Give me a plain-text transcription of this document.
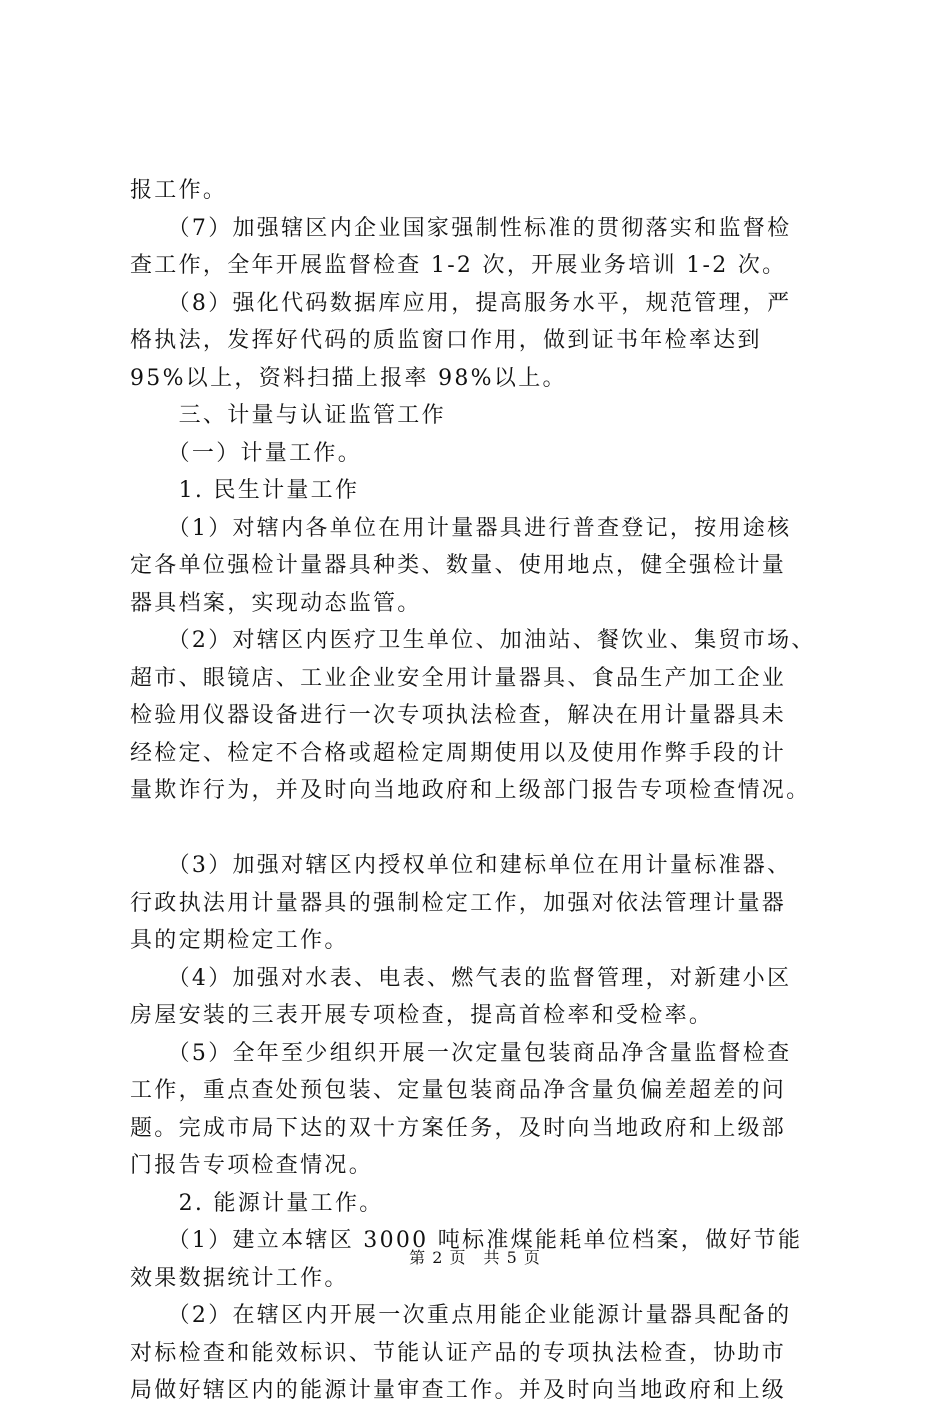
报工作。
　　（7）加强辖区内企业国家强制性标准的贯彻落实和监督检
查工作，全年开展监督检查 1-2 次，开展业务培训 1-2 次。
　　（8）强化代码数据库应用，提高服务水平，规范管理，严
格执法，发挥好代码的质监窗口作用，做到证书年检率达到
95%以上，资料扫描上报率 98%以上。
　　三、计量与认证监管工作
　　（一）计量工作。
　　1. 民生计量工作
　　（1）对辖内各单位在用计量器具进行普查登记，按用途核
定各单位强检计量器具种类、数量、使用地点，健全强检计量
器具档案，实现动态监管。
　　（2）对辖区内医疗卫生单位、加油站、餐饮业、集贸市场、
超市、眼镜店、工业企业安全用计量器具、食品生产加工企业
检验用仪器设备进行一次专项执法检查，解决在用计量器具未
经检定、检定不合格或超检定周期使用以及使用作弊手段的计
量欺诈行为，并及时向当地政府和上级部门报告专项检查情况。
　　（3）加强对辖区内授权单位和建标单位在用计量标准器、
行政执法用计量器具的强制检定工作，加强对依法管理计量器
具的定期检定工作。
　　（4）加强对水表、电表、燃气表的监督管理，对新建小区
房屋安装的三表开展专项检查，提高首检率和受检率。
　　（5）全年至少组织开展一次定量包装商品净含量监督检查
工作，重点查处预包装、定量包装商品净含量负偏差超差的问
题。完成市局下达的双十方案任务，及时向当地政府和上级部
门报告专项检查情况。
　　2. 能源计量工作。
　　（1）建立本辖区 3000 吨标准煤能耗单位档案，做好节能
效果数据统计工作。
　　（2）在辖区内开展一次重点用能企业能源计量器具配备的
对标检查和能效标识、节能认证产品的专项执法检查，协助市
局做好辖区内的能源计量审查工作。并及时向当地政府和上级
第 2 页　共 5 页
